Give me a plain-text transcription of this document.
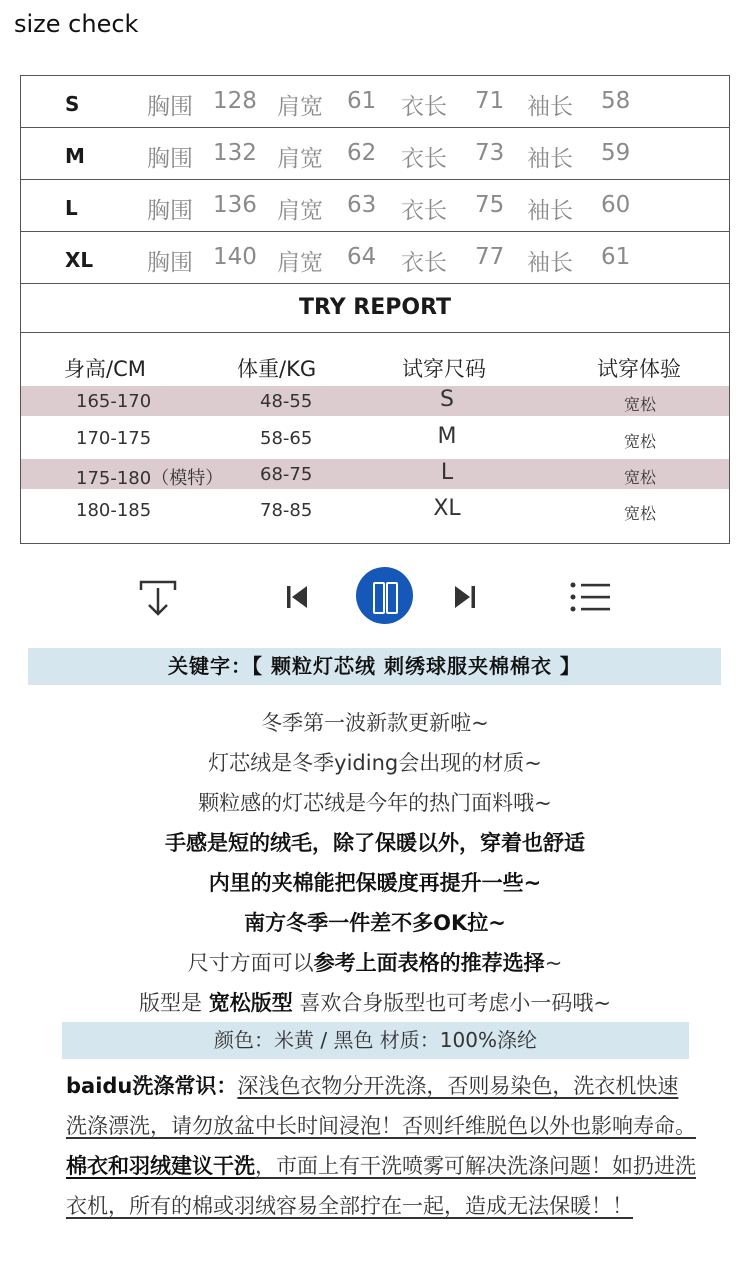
size check
S	胸围 128 肩宽 61 衣长 71 袖长 58
M	胸围 132 肩宽 62 衣长 73 袖长 59
L	胸围 136 肩宽 63 衣长 75 袖长 60
XL 胸围 140 肩宽 64 衣长 77 袖长 61
TRY REPORT
身高/CM	体重/KG	试穿尺码	试穿体验
165-170	48-55	S	宽松
170-175	58-65	M	宽松
175-180（模特） 68-75	L	宽松
180-185	78-85	XL	宽松
关键字：【 颗粒灯芯绒 刺绣球服夹棉棉衣 】
冬季第一波新款更新啦~
灯芯绒是冬季yiding会出现的材质~
颗粒感的灯芯绒是今年的热门面料哦~
手感是短的绒毛，除了保暖以外，穿着也舒适
内里的夹棉能把保暖度再提升一些~
南方冬季一件差不多OK拉~
尺寸方面可以参考上面表格的推荐选择~
版型是 宽松版型 喜欢合身版型也可考虑小一码哦~
颜色：米黄 / 黑色 材质：100%涤纶
baidu洗涤常识：深浅色衣物分开洗涤，否则易染色，洗衣机快速洗涤漂洗，请勿放盆中长时间浸泡！否则纤维脱色以外也影响寿命。棉衣和羽绒建议干洗，市面上有干洗喷雾可解决洗涤问题！如扔进洗衣机，所有的棉或羽绒容易全部拧在一起，造成无法保暖！！
